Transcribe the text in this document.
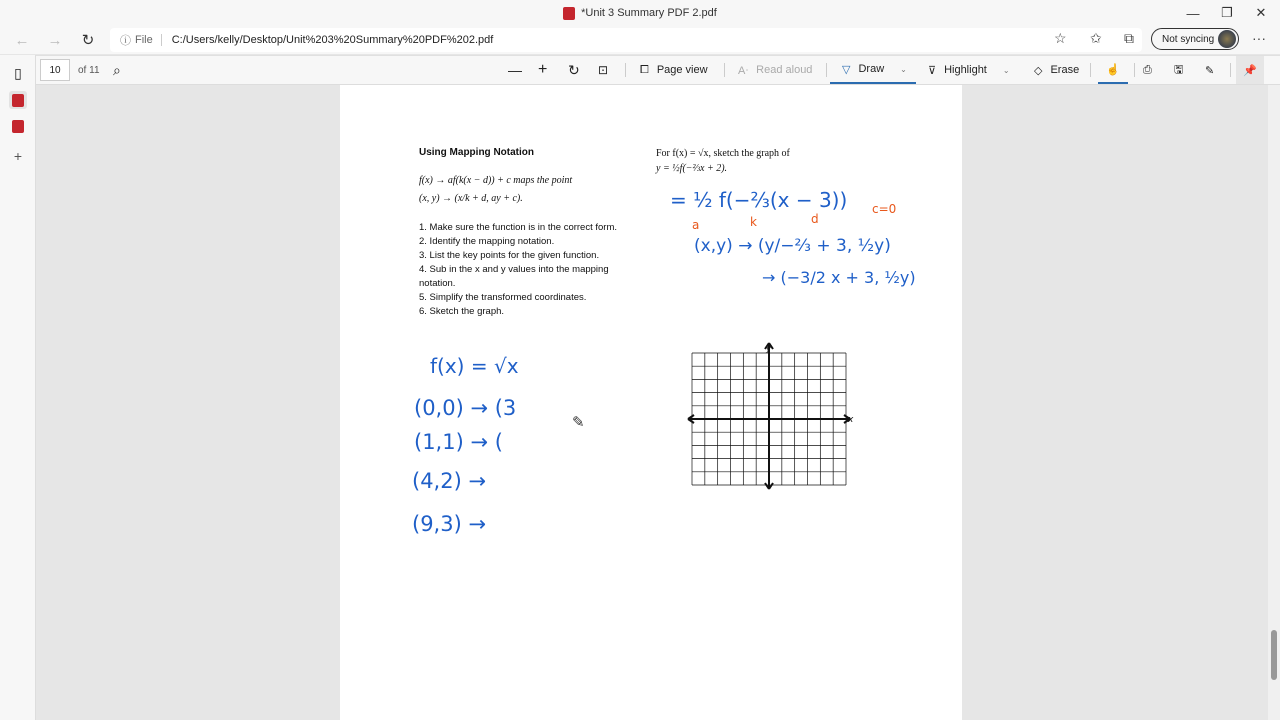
*Unit 3 Summary PDF 2.pdf	—	❐	✕
←	→	↻	ⓘ File	C:/Users/kelly/Desktop/Unit%203%20Summary%20PDF%202.pdf	☆ ✩ ⧉	Not syncing	···
▯
+
10	of 11 ⌕	— + ↻ ⊡	⧠ Page view	Aᐧ Read aloud	▽ Draw ⌄ ⊽ Highlight ⌄ ◇ Erase	☝	⎙ 🖫 ✎	📌
Using Mapping Notation
f(x) → af(k(x − d)) + c maps the point
(x, y) → (x/k + d, ay + c).
1. Make sure the function is in the correct form.
2. Identify the mapping notation.
3. List the key points for the given function.
4. Sub in the x and y values into the mapping notation.
5. Simplify the transformed coordinates.
6. Sketch the graph.
For f(x) = √x, sketch the graph of
y = ½f(−⅔x + 2).
= ½ f(−⅔(x − 3))
(x,y) → (y/−⅔ + 3, ½y)
→ (−3/2 x + 3, ½y)
f(x) = √x
(0,0) → (3
(1,1) → (
(4,2) →
(9,3) →
a	k	d
c=0
✎	x
y
